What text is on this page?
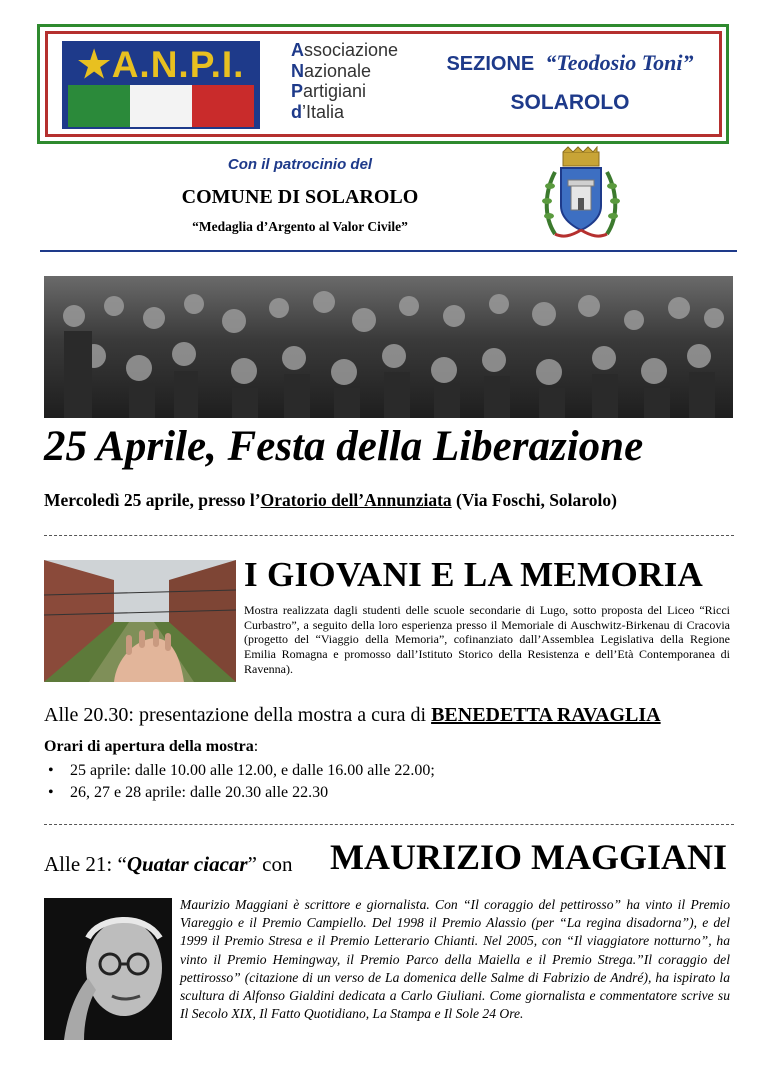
★A.N.P.I.	Associazione
Nazionale
Partigiani
d’Italia
SEZIONE “Teodosio Toni”
SOLAROLO
Con il patrocinio del
COMUNE DI SOLAROLO
“Medaglia d’Argento al Valor Civile”
25 Aprile, Festa della Liberazione
Mercoledì 25 aprile, presso l’Oratorio dell’Annunziata (Via Foschi, Solarolo)
I GIOVANI E LA MEMORIA
Mostra realizzata dagli studenti delle scuole secondarie di Lugo, sotto proposta del Liceo “Ricci Curbastro”, a seguito della loro esperienza presso il Memoriale di Auschwitz-Birkenau di Cracovia (progetto del “Viaggio della Memoria”, cofinanziato dall’Assemblea Legislativa della Regione Emilia Romagna e promosso dall’Istituto Storico della Resistenza e dell’Età Contemporanea di Ravenna).
Alle 20.30: presentazione della mostra a cura di BENEDETTA RAVAGLIA
Orari di apertura della mostra:
• 25 aprile: dalle 10.00 alle 12.00, e dalle 16.00 alle 22.00;
• 26, 27 e 28 aprile: dalle 20.30 alle 22.30
Alle 21: “Quatar ciacar” con MAURIZIO MAGGIANI
Maurizio Maggiani è scrittore e giornalista. Con “Il coraggio del pettirosso” ha vinto il Premio Viareggio e il Premio Campiello. Del 1998 il Premio Alassio (per “La regina disadorna”), e del 1999 il Premio Stresa e il Premio Letterario Chianti. Nel 2005, con “Il viaggiatore notturno”, ha vinto il Premio Hemingway, il Premio Parco della Maiella e il Premio Strega.”Il coraggio del pettirosso” (citazione di un verso de La domenica delle Salme di Fabrizio de André), ha ispirato la scultura di Alfonso Gialdini dedicata a Carlo Giuliani. Come giornalista e commentatore scrive su Il Secolo XIX, Il Fatto Quotidiano, La Stampa e Il Sole 24 Ore.
